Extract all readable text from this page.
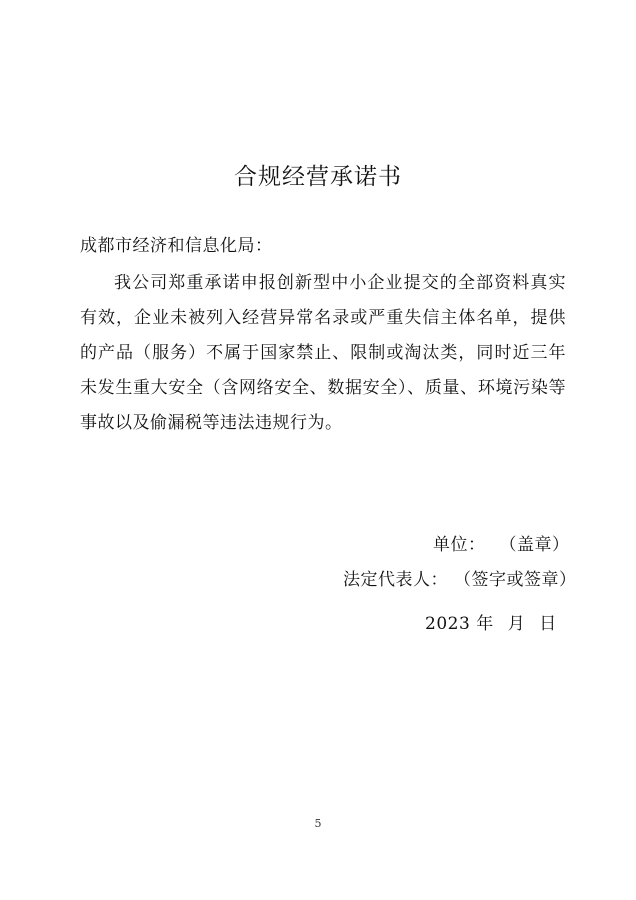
合规经营承诺书
成都市经济和信息化局：
我公司郑重承诺申报创新型中小企业提交的全部资料真实有效，企业未被列入经营异常名录或严重失信主体名单，提供的产品（服务）不属于国家禁止、限制或淘汰类，同时近三年未发生重大安全（含网络安全、数据安全）、质量、环境污染等事故以及偷漏税等违法违规行为。
单位： （盖章）
法定代表人： （签字或签章）
2023 年 月 日
5
